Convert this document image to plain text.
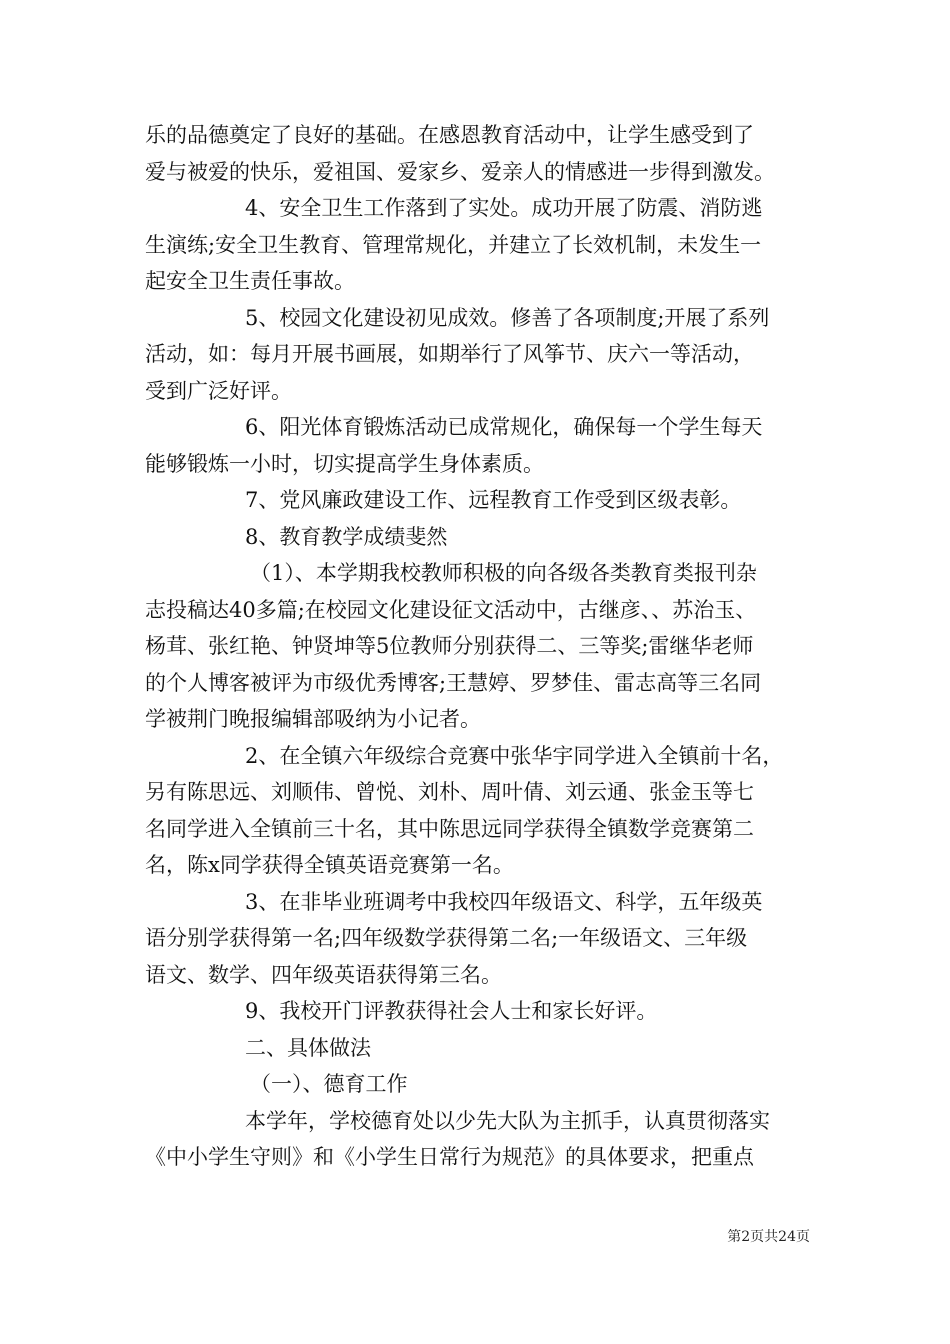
乐的品德奠定了良好的基础。在感恩教育活动中，让学生感受到了
爱与被爱的快乐，爱祖国、爱家乡、爱亲人的情感进一步得到激发。
4、安全卫生工作落到了实处。成功开展了防震、消防逃
生演练;安全卫生教育、管理常规化，并建立了长效机制，未发生一
起安全卫生责任事故。
5、校园文化建设初见成效。修善了各项制度;开展了系列
活动，如：每月开展书画展，如期举行了风筝节、庆六一等活动，
受到广泛好评。
6、阳光体育锻炼活动已成常规化，确保每一个学生每天
能够锻炼一小时，切实提高学生身体素质。
7、党风廉政建设工作、远程教育工作受到区级表彰。
8、教育教学成绩斐然
（1）、本学期我校教师积极的向各级各类教育类报刊杂
志投稿达40多篇;在校园文化建设征文活动中，古继彦、、苏治玉、
杨茸、张红艳、钟贤坤等5位教师分别获得二、三等奖;雷继华老师
的个人博客被评为市级优秀博客;王慧婷、罗梦佳、雷志高等三名同
学被荆门晚报编辑部吸纳为小记者。
2、在全镇六年级综合竞赛中张华宇同学进入全镇前十名，
另有陈思远、刘顺伟、曾悦、刘朴、周叶倩、刘云通、张金玉等七
名同学进入全镇前三十名，其中陈思远同学获得全镇数学竞赛第二
名，陈x同学获得全镇英语竞赛第一名。
3、在非毕业班调考中我校四年级语文、科学，五年级英
语分别学获得第一名;四年级数学获得第二名;一年级语文、三年级
语文、数学、四年级英语获得第三名。
9、我校开门评教获得社会人士和家长好评。
二、具体做法
（一）、德育工作
本学年，学校德育处以少先大队为主抓手，认真贯彻落实
《中小学生守则》和《小学生日常行为规范》的具体要求，把重点
第2页共24页
